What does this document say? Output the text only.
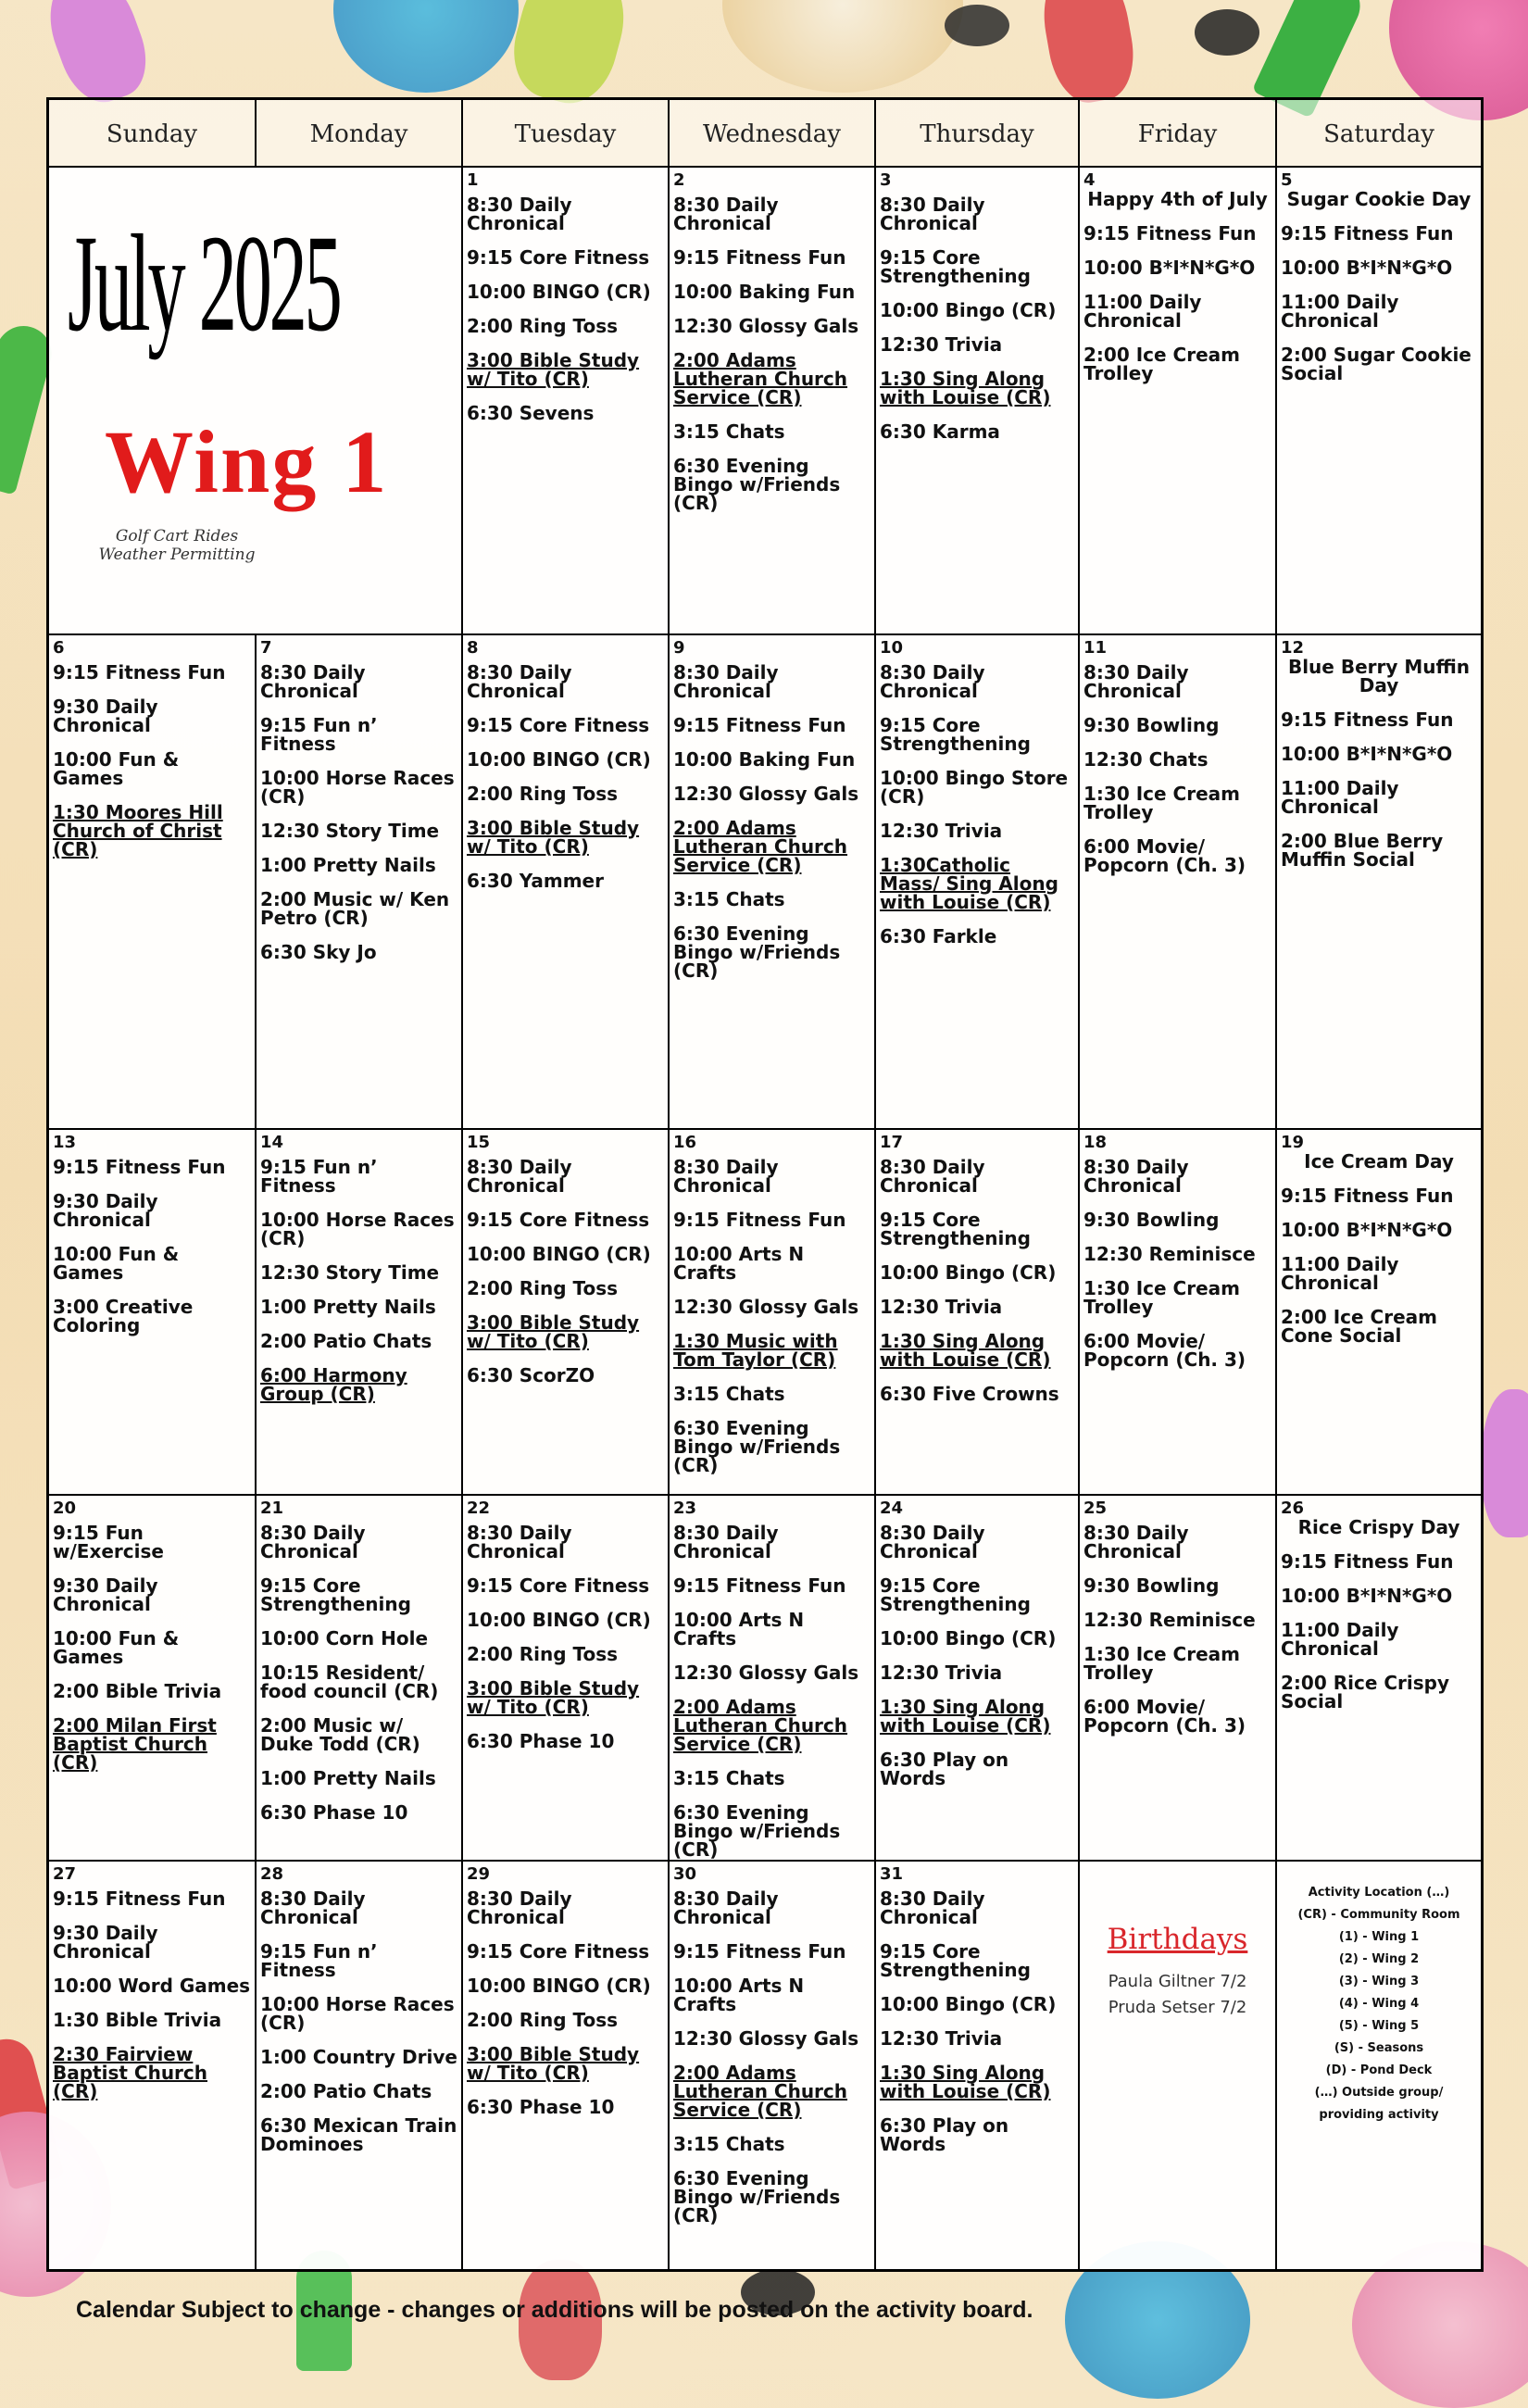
Sunday	Monday	Tuesday	Wednesday	Thursday	Friday	Saturday
July 2025
Wing 1
Golf Cart Rides
Weather Permitting
1
8:30 Daily Chronical
9:15 Core Fitness
10:00 BINGO (CR)
2:00 Ring Toss
3:00 Bible Study w/ Tito (CR)
6:30 Sevens
2
8:30 Daily Chronical
9:15 Fitness Fun
10:00 Baking Fun
12:30 Glossy Gals
2:00 Adams Lutheran Church Service (CR)
3:15 Chats
6:30 Evening Bingo w/Friends (CR)
3
8:30 Daily Chronical
9:15 Core Strengthening
10:00 Bingo (CR)
12:30 Trivia
1:30 Sing Along with Louise (CR)
6:30 Karma
4
Happy 4th of July
9:15 Fitness Fun
10:00 B*I*N*G*O
11:00 Daily Chronical
2:00 Ice Cream Trolley
5
Sugar Cookie Day
9:15 Fitness Fun
10:00 B*I*N*G*O
11:00 Daily Chronical
2:00 Sugar Cookie Social
6
9:15 Fitness Fun
9:30 Daily Chronical
10:00 Fun & Games
1:30 Moores Hill Church of Christ (CR)
7
8:30 Daily Chronical
9:15 Fun n’ Fitness
10:00 Horse Races (CR)
12:30 Story Time
1:00 Pretty Nails
2:00 Music w/ Ken Petro (CR)
6:30 Sky Jo
8
8:30 Daily Chronical
9:15 Core Fitness
10:00 BINGO (CR)
2:00 Ring Toss
3:00 Bible Study w/ Tito (CR)
6:30 Yammer
9
8:30 Daily Chronical
9:15 Fitness Fun
10:00 Baking Fun
12:30 Glossy Gals
2:00 Adams Lutheran Church Service (CR)
3:15 Chats
6:30 Evening Bingo w/Friends (CR)
10
8:30 Daily Chronical
9:15 Core Strengthening
10:00 Bingo Store (CR)
12:30 Trivia
1:30Catholic Mass/ Sing Along with Louise (CR)
6:30 Farkle
11
8:30 Daily Chronical
9:30 Bowling
12:30 Chats
1:30 Ice Cream Trolley
6:00 Movie/ Popcorn (Ch. 3)
12
Blue Berry Muffin Day
9:15 Fitness Fun
10:00 B*I*N*G*O
11:00 Daily Chronical
2:00 Blue Berry Muffin Social
13
9:15 Fitness Fun
9:30 Daily Chronical
10:00 Fun & Games
3:00 Creative Coloring
14
9:15 Fun n’ Fitness
10:00 Horse Races (CR)
12:30 Story Time
1:00 Pretty Nails
2:00 Patio Chats
6:00 Harmony Group (CR)
15
8:30 Daily Chronical
9:15 Core Fitness
10:00 BINGO (CR)
2:00 Ring Toss
3:00 Bible Study w/ Tito (CR)
6:30 ScorZO
16
8:30 Daily Chronical
9:15 Fitness Fun
10:00 Arts N Crafts
12:30 Glossy Gals
1:30 Music with Tom Taylor (CR)
3:15 Chats
6:30 Evening Bingo w/Friends (CR)
17
8:30 Daily Chronical
9:15 Core Strengthening
10:00 Bingo (CR)
12:30 Trivia
1:30 Sing Along with Louise (CR)
6:30 Five Crowns
18
8:30 Daily Chronical
9:30 Bowling
12:30 Reminisce
1:30 Ice Cream Trolley
6:00 Movie/ Popcorn (Ch. 3)
19
Ice Cream Day
9:15 Fitness Fun
10:00 B*I*N*G*O
11:00 Daily Chronical
2:00 Ice Cream Cone Social
20
9:15 Fun w/Exercise
9:30 Daily Chronical
10:00 Fun & Games
2:00 Bible Trivia
2:00 Milan First Baptist Church (CR)
21
8:30 Daily Chronical
9:15 Core Strengthening
10:00 Corn Hole
10:15 Resident/ food council (CR)
2:00 Music w/ Duke Todd (CR)
1:00 Pretty Nails
6:30 Phase 10
22
8:30 Daily Chronical
9:15 Core Fitness
10:00 BINGO (CR)
2:00 Ring Toss
3:00 Bible Study w/ Tito (CR)
6:30 Phase 10
23
8:30 Daily Chronical
9:15 Fitness Fun
10:00 Arts N Crafts
12:30 Glossy Gals
2:00 Adams Lutheran Church Service (CR)
3:15 Chats
6:30 Evening Bingo w/Friends (CR)
24
8:30 Daily Chronical
9:15 Core Strengthening
10:00 Bingo (CR)
12:30 Trivia
1:30 Sing Along with Louise (CR)
6:30 Play on Words
25
8:30 Daily Chronical
9:30 Bowling
12:30 Reminisce
1:30 Ice Cream Trolley
6:00 Movie/ Popcorn (Ch. 3)
26
Rice Crispy Day
9:15 Fitness Fun
10:00 B*I*N*G*O
11:00 Daily Chronical
2:00 Rice Crispy Social
27
9:15 Fitness Fun
9:30 Daily Chronical
10:00 Word Games
1:30 Bible Trivia
2:30 Fairview Baptist Church (CR)
28
8:30 Daily Chronical
9:15 Fun n’ Fitness
10:00 Horse Races (CR)
1:00 Country Drive
2:00 Patio Chats
6:30 Mexican Train Dominoes
29
8:30 Daily Chronical
9:15 Core Fitness
10:00 BINGO (CR)
2:00 Ring Toss
3:00 Bible Study w/ Tito (CR)
6:30 Phase 10
30
8:30 Daily Chronical
9:15 Fitness Fun
10:00 Arts N Crafts
12:30 Glossy Gals
2:00 Adams Lutheran Church Service (CR)
3:15 Chats
6:30 Evening Bingo w/Friends (CR)
31
8:30 Daily Chronical
9:15 Core Strengthening
10:00 Bingo (CR)
12:30 Trivia
1:30 Sing Along with Louise (CR)
6:30 Play on Words
Birthdays
Paula Giltner 7/2
Pruda Setser 7/2
Activity Location (…)
(CR) - Community Room
(1) - Wing 1
(2) - Wing 2
(3) - Wing 3
(4) - Wing 4
(5) - Wing 5
(S) - Seasons
(D) - Pond Deck
(…) Outside group/ providing activity
Calendar Subject to change - changes or additions will be posted on the activity board.
